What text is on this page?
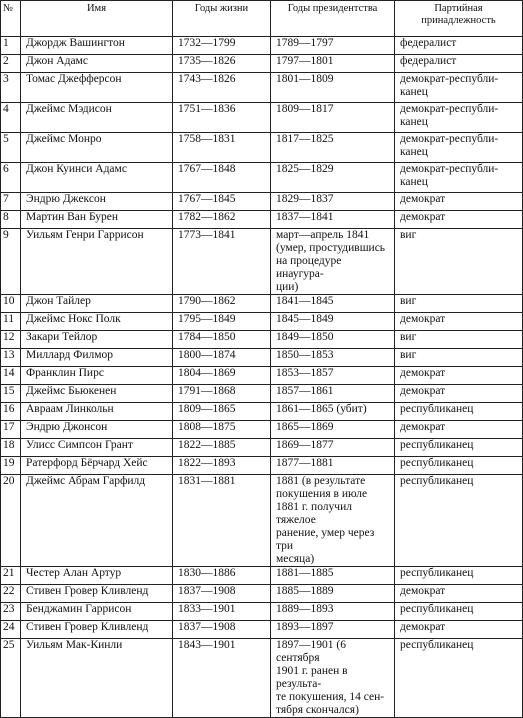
№	Имя	Годы жизни	Годы президентства	Партийная
принадлежность
1	Джордж Вашингтон	1732—1799	1789—1797	федералист
2	Джон Адамс	1735—1826	1797—1801	федералист
3	Томас Джефферсон	1743—1826	1801—1809	демократ-республи-
канец
4	Джеймс Мэдисон	1751—1836	1809—1817	демократ-республи-
канец
5	Джеймс Монро	1758—1831	1817—1825	демократ-республи-
канец
6	Джон Куинси Адамс	1767—1848	1825—1829	демократ-республи-
канец
7	Эндрю Джексон	1767—1845	1829—1837	демократ
8	Мартин Ван Бурен	1782—1862	1837—1841	демократ
9	Уильям Генри Гаррисон	1773—1841	март—апрель 1841
(умер, простудившись
на процедуре инаугура-
ции)	виг
10	Джон Тайлер	1790—1862	1841—1845	виг
11	Джеймс Нокс Полк	1795—1849	1845—1849	демократ
12	Закари Тейлор	1784—1850	1849—1850	виг
13	Миллард Филмор	1800—1874	1850—1853	виг
14	Франклин Пирс	1804—1869	1853—1857	демократ
15	Джеймс Бьюкенен	1791—1868	1857—1861	демократ
16	Авраам Линкольн	1809—1865	1861—1865 (убит)	республиканец
17	Эндрю Джонсон	1808—1875	1865—1869	демократ
18	Улисс Симпсон Грант	1822—1885	1869—1877	республиканец
19	Ратерфорд Бёрчард Хейс	1822—1893	1877—1881	республиканец
20	Джеймс Абрам Гарфилд	1831—1881	1881 (в результате
покушения в июле
1881 г. получил тяжелое
ранение, умер через три
месяца)	республиканец
21	Честер Алан Артур	1830—1886	1881—1885	республиканец
22	Стивен Гровер Кливленд	1837—1908	1885—1889	демократ
23	Бенджамин Гаррисон	1833—1901	1889—1893	республиканец
24	Стивен Гровер Кливленд	1837—1908	1893—1897	демократ
25	Уильям Мак-Кинли	1843—1901	1897—1901 (6 сентября
1901 г. ранен в результа-
те покушения, 14 сен-
тября скончался)	республиканец
